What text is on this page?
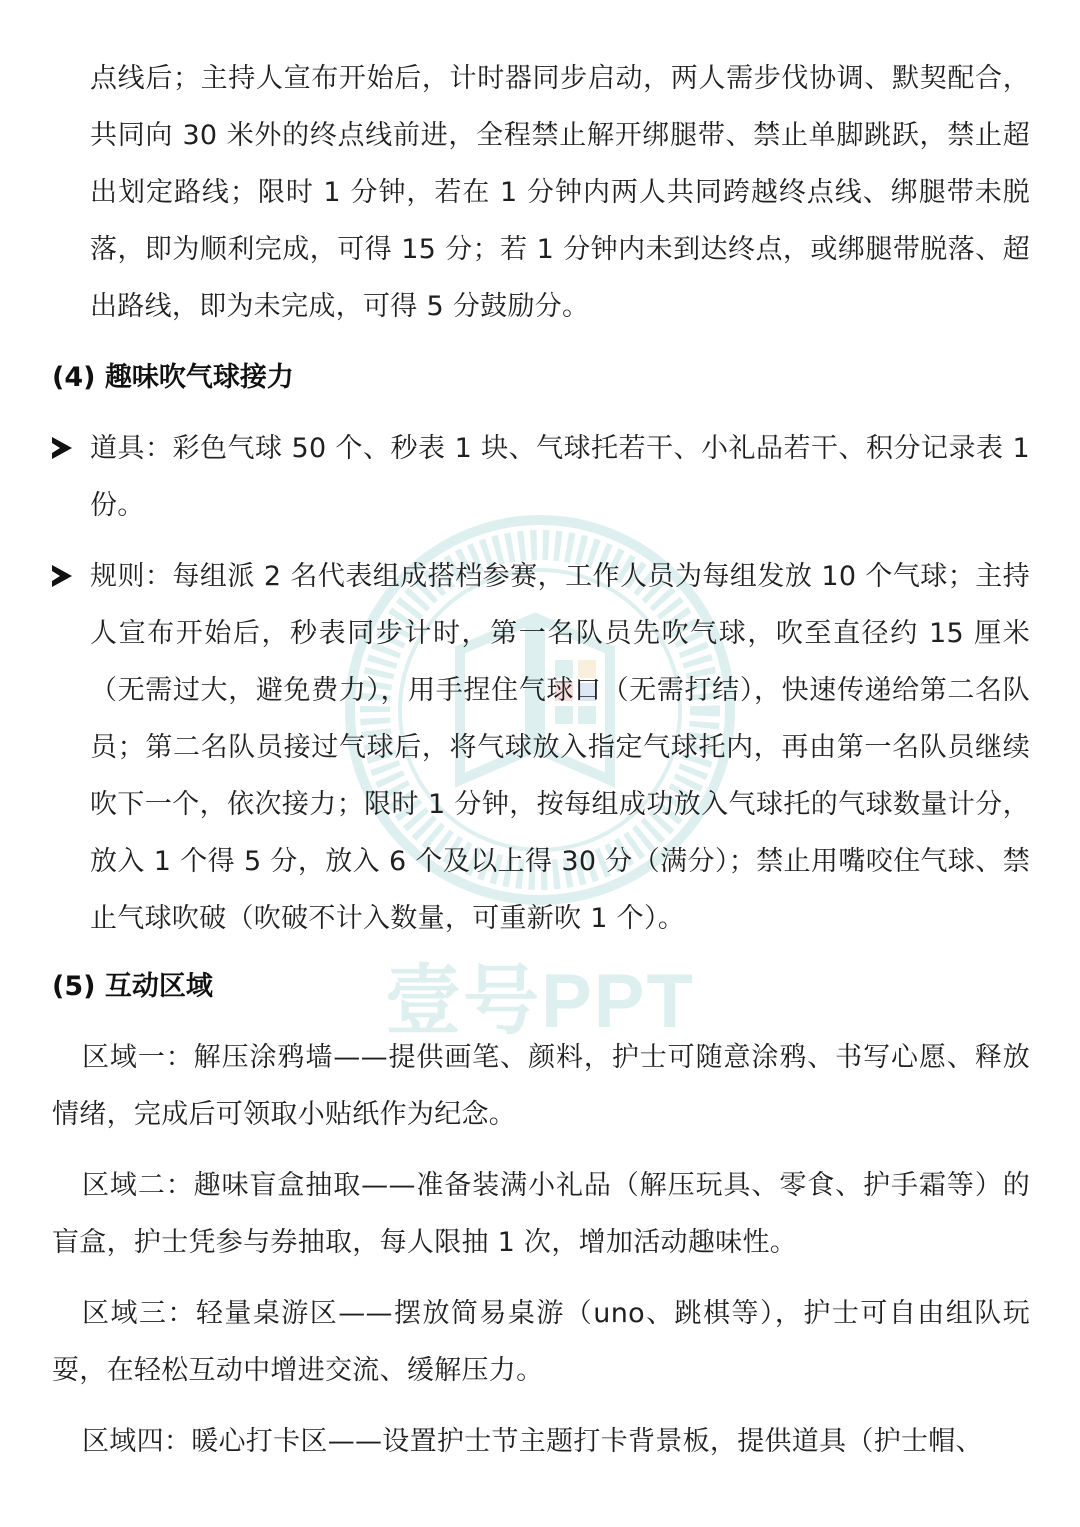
壹号PPT
点线后；主持人宣布开始后，计时器同步启动，两人需步伐协调、默契配合，共同向 30 米外的终点线前进，全程禁止解开绑腿带、禁止单脚跳跃，禁止超出划定路线；限时 1 分钟，若在 1 分钟内两人共同跨越终点线、绑腿带未脱落，即为顺利完成，可得 15 分；若 1 分钟内未到达终点，或绑腿带脱落、超出路线，即为未完成，可得 5 分鼓励分。
(4) 趣味吹气球接力
道具：彩色气球 50 个、秒表 1 块、气球托若干、小礼品若干、积分记录表 1 份。
规则：每组派 2 名代表组成搭档参赛，工作人员为每组发放 10 个气球；主持人宣布开始后，秒表同步计时，第一名队员先吹气球，吹至直径约 15 厘米（无需过大，避免费力），用手捏住气球口（无需打结），快速传递给第二名队员；第二名队员接过气球后，将气球放入指定气球托内，再由第一名队员继续吹下一个，依次接力；限时 1 分钟，按每组成功放入气球托的气球数量计分，放入 1 个得 5 分，放入 6 个及以上得 30 分（满分）；禁止用嘴咬住气球、禁止气球吹破（吹破不计入数量，可重新吹 1 个）。
(5) 互动区域
区域一：解压涂鸦墙——提供画笔、颜料，护士可随意涂鸦、书写心愿、释放情绪，完成后可领取小贴纸作为纪念。
区域二：趣味盲盒抽取——准备装满小礼品（解压玩具、零食、护手霜等）的盲盒，护士凭参与券抽取，每人限抽 1 次，增加活动趣味性。
区域三：轻量桌游区——摆放简易桌游（uno、跳棋等），护士可自由组队玩耍，在轻松互动中增进交流、缓解压力。
区域四：暖心打卡区——设置护士节主题打卡背景板，提供道具（护士帽、
